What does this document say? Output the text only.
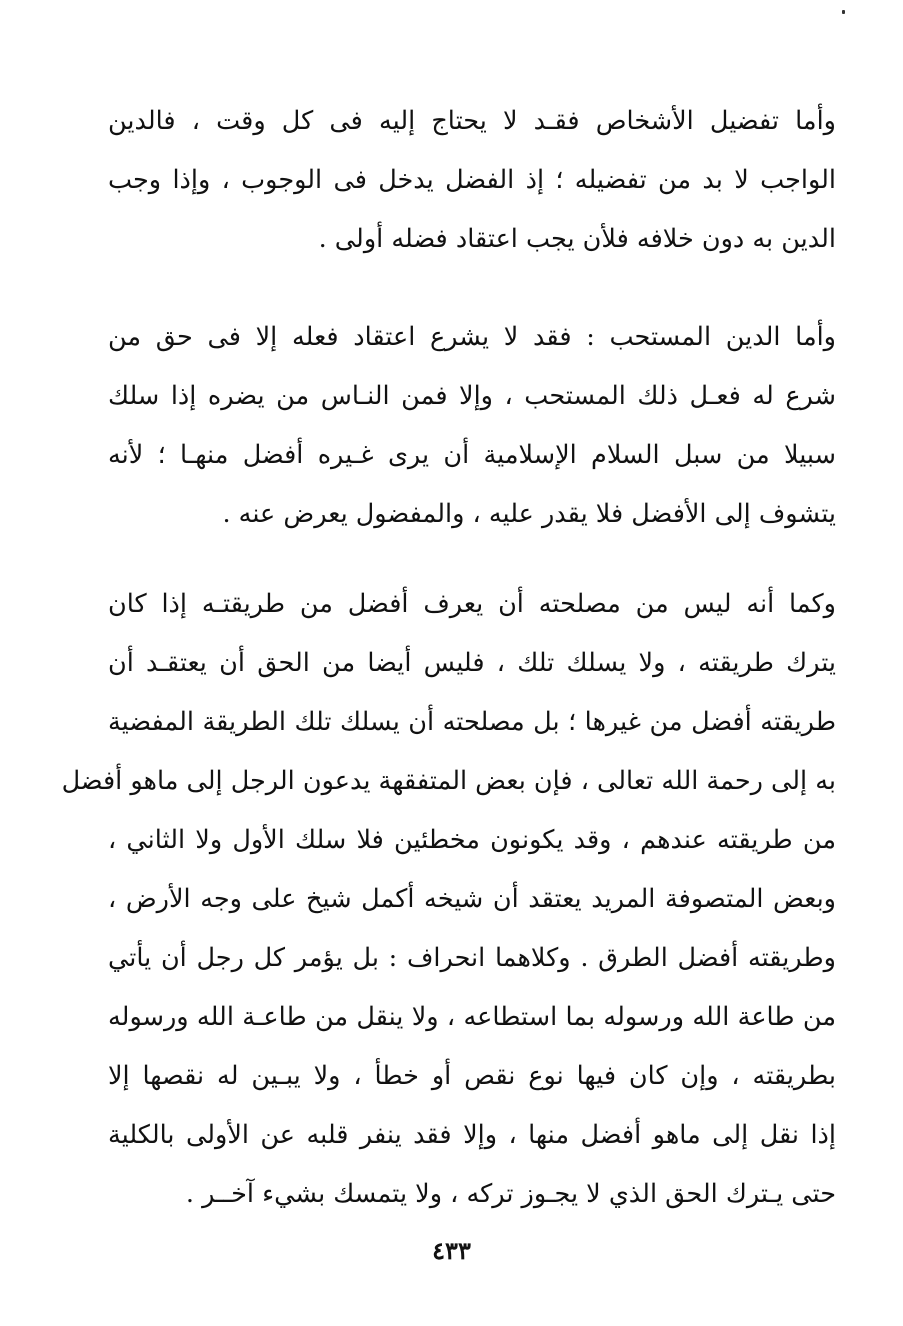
وأما تفضيل الأشخاص فقـد لا يحتاج إليه فى كل وقت ، فالدين
الواجب لا بد من تفضيله ؛ إذ الفضل يدخل فى الوجوب ، وإذا وجب
الدين به دون خلافه فلأن يجب اعتقاد فضله أولى .
وأما الدين المستحب : فقد لا يشرع اعتقاد فعله إلا فى حق من
شرع له فعـل ذلك المستحب ، وإلا فمن النـاس من يضره إذا سلك
سبيلا من سبل السلام الإسلامية أن يرى غـيره أفضل منهـا ؛ لأنه
يتشوف إلى الأفضل فلا يقدر عليه ، والمفضول يعرض عنه .
وكما أنه ليس من مصلحته أن يعرف أفضل من طريقتـه إذا كان
يترك طريقته ، ولا يسلك تلك ، فليس أيضا من الحق أن يعتقـد أن
طريقته أفضل من غيرها ؛ بل مصلحته أن يسلك تلك الطريقة المفضية
به إلى رحمة الله تعالى ، فإن بعض المتفقهة يدعون الرجل إلى ماهو أفضل
من طريقته عندهم ، وقد يكونون مخطئين فلا سلك الأول ولا الثاني ،
وبعض المتصوفة المريد يعتقد أن شيخه أكمل شيخ على وجه الأرض ،
وطريقته أفضل الطرق . وكلاهما انحراف : بل يؤمر كل رجل أن يأتي
من طاعة الله ورسوله بما استطاعه ، ولا ينقل من طاعـة الله ورسوله
بطريقته ، وإن كان فيها نوع نقص أو خطأ ، ولا يبـين له نقصها إلا
إذا نقل إلى ماهو أفضل منها ، وإلا فقد ينفر قلبه عن الأولى بالكلية
حتى يـترك الحق الذي لا يجـوز تركه ، ولا يتمسك بشيء آخــر .
٤٣٣
